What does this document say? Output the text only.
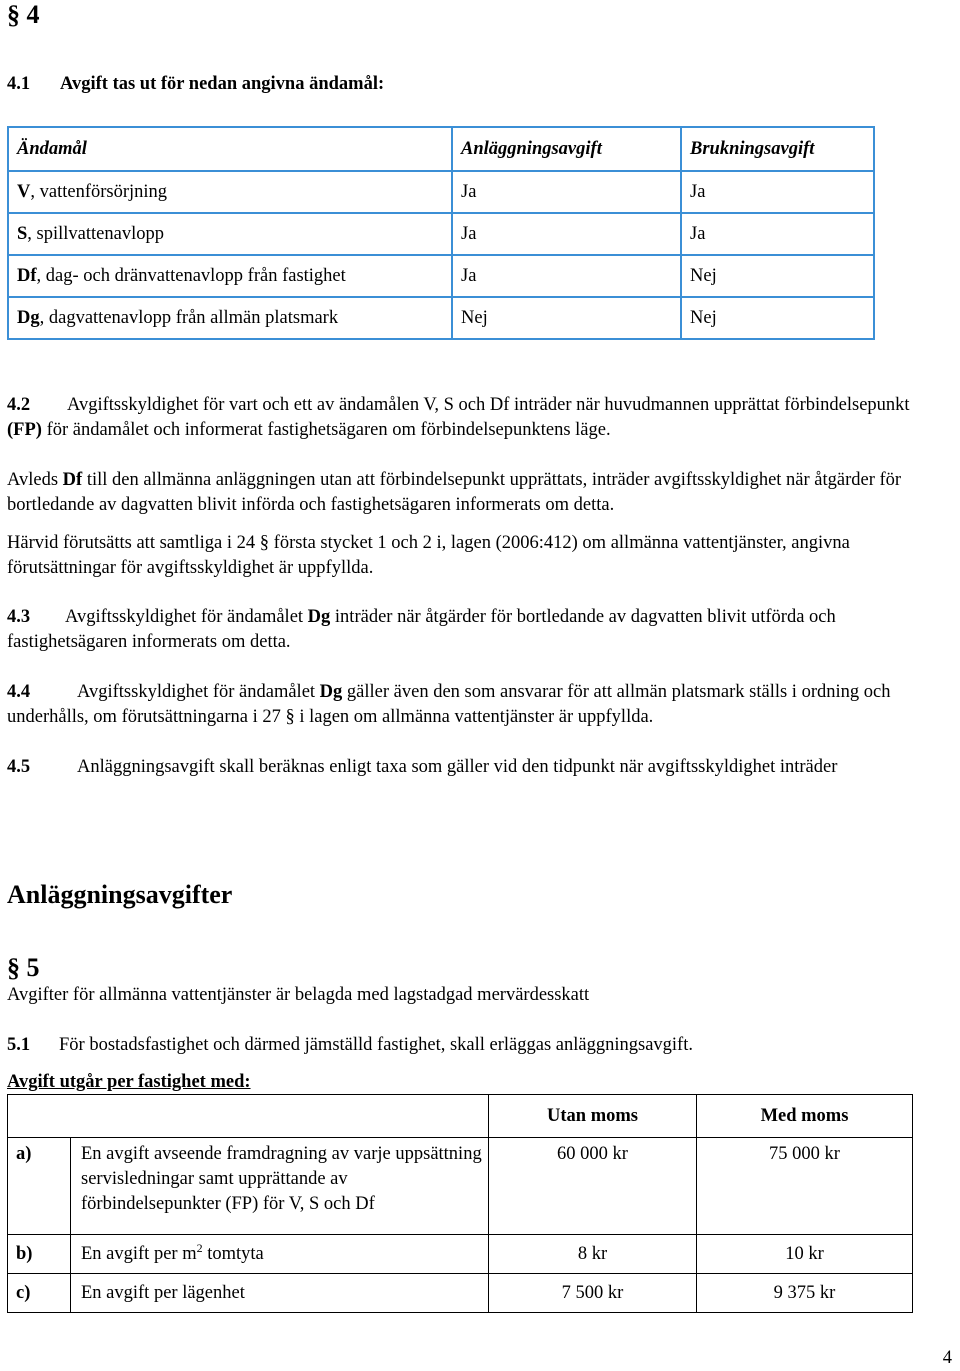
§ 4
4.1 Avgift tas ut för nedan angivna ändamål:
Ändamål	Anläggningsavgift	Brukningsavgift
V, vattenförsörjning	Ja	Ja
S, spillvattenavlopp	Ja	Ja
Df, dag- och dränvattenavlopp från fastighet	Ja	Nej
Dg, dagvattenavlopp från allmän platsmark	Nej	Nej

4.2 Avgiftsskyldighet för vart och ett av ändamålen V, S och Df inträder när huvudmannen upprättat förbindelsepunkt (FP) för ändamålet och informerat fastighetsägaren om förbindelsepunktens läge.

Avleds Df till den allmänna anläggningen utan att förbindelsepunkt upprättats, inträder avgiftsskyldighet när åtgärder för bortledande av dagvatten blivit införda och fastighetsägaren informerats om detta.

Härvid förutsätts att samtliga i 24 § första stycket 1 och 2 i, lagen (2006:412) om allmänna vattentjänster, angivna förutsättningar för avgiftsskyldighet är uppfyllda.

4.3 Avgiftsskyldighet för ändamålet Dg inträder när åtgärder för bortledande av dagvatten blivit utförda och fastighetsägaren informerats om detta.

4.4	Avgiftsskyldighet för ändamålet Dg gäller även den som ansvarar för att allmän platsmark ställs i ordning och underhålls, om förutsättningarna i 27 § i lagen om allmänna vattentjänster är uppfyllda.

4.5	Anläggningsavgift skall beräknas enligt taxa som gäller vid den tidpunkt när avgiftsskyldighet inträder

Anläggningsavgifter
§ 5
Avgifter för allmänna vattentjänster är belagda med lagstadgad mervärdesskatt
5.1 För bostadsfastighet och därmed jämställd fastighet, skall erläggas anläggningsavgift.
Avgift utgår per fastighet med:
		Utan moms	Med moms
a)	En avgift avseende framdragning av varje uppsättning servisledningar samt upprättande av förbindelsepunkter (FP) för V, S och Df	60 000 kr	75 000 kr
b)	En avgift per $m^2$ tomtyta	8 kr	10 kr
c)	En avgift per lägenhet	7 500 kr	9 375 kr
4
